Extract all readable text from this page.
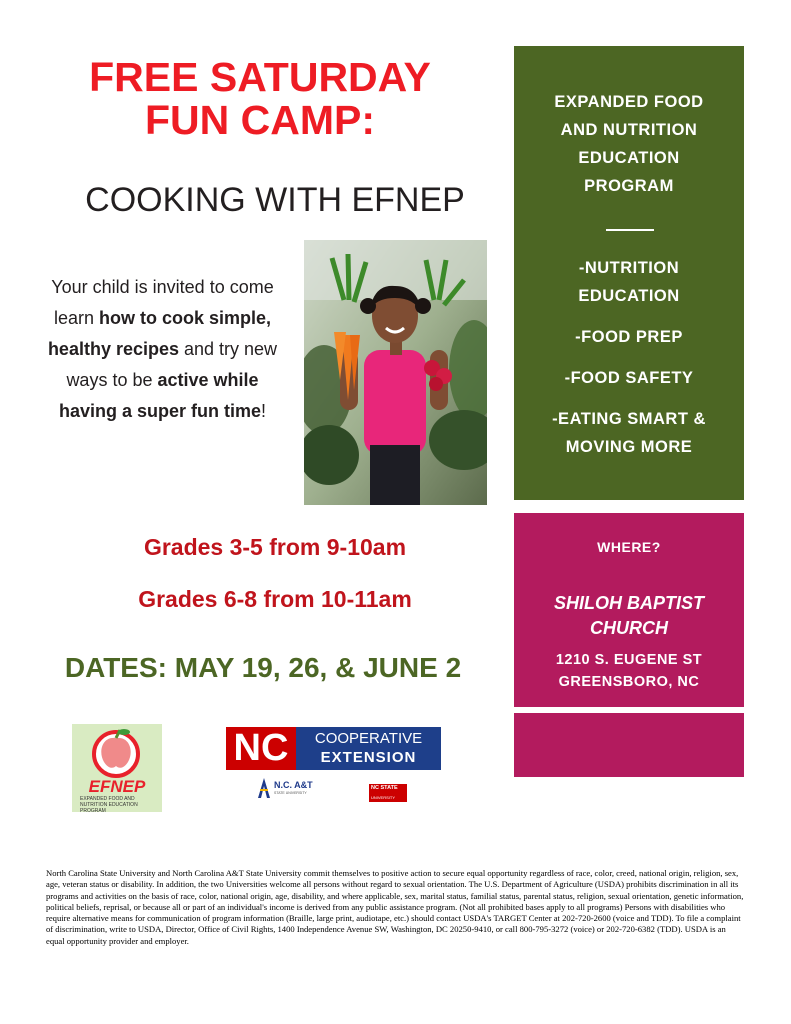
FREE SATURDAY
FUN CAMP:
COOKING WITH EFNEP
Your child is invited to come learn how to cook simple, healthy recipes and try new ways to be active while having a super fun time!
Grades 3-5 from 9-10am
Grades 6-8 from 10-11am
DATES: MAY 19, 26, & JUNE 2
EXPANDED FOOD
AND NUTRITION
EDUCATION
PROGRAM
-NUTRITION EDUCATION
-FOOD PREP
-FOOD SAFETY
-EATING SMART & MOVING MORE
WHERE?
SHILOH BAPTIST CHURCH
1210 S. EUGENE ST
GREENSBORO, NC
EFNEP
EXPANDED FOOD AND NUTRITION EDUCATION PROGRAM
NC	COOPERATIVE
EXTENSION
N.C. A&T
STATE UNIVERSITY
NC STATE
UNIVERSITY
North Carolina State University and North Carolina A&T State University commit themselves to positive action to secure equal opportunity regardless of race, color, creed, national origin, religion, sex, age, veteran status or disability. In addition, the two Universities welcome all persons without regard to sexual orientation. The U.S. Department of Agriculture (USDA) prohibits discrimination in all its programs and activities on the basis of race, color, national origin, age, disability, and where applicable, sex, marital status, familial status, parental status, religion, sexual orientation, genetic information, political beliefs, reprisal, or because all or part of an individual's income is derived from any public assistance program. (Not all prohibited bases apply to all programs) Persons with disabilities who require alternative means for communication of program information (Braille, large print, audiotape, etc.) should contact USDA's TARGET Center at 202-720-2600 (voice and TDD). To file a complaint of discrimination, write to USDA, Director, Office of Civil Rights, 1400 Independence Avenue SW, Washington, DC 20250-9410, or call 800-795-3272 (voice) or 202-720-6382 (TDD). USDA is an equal opportunity provider and employer.
